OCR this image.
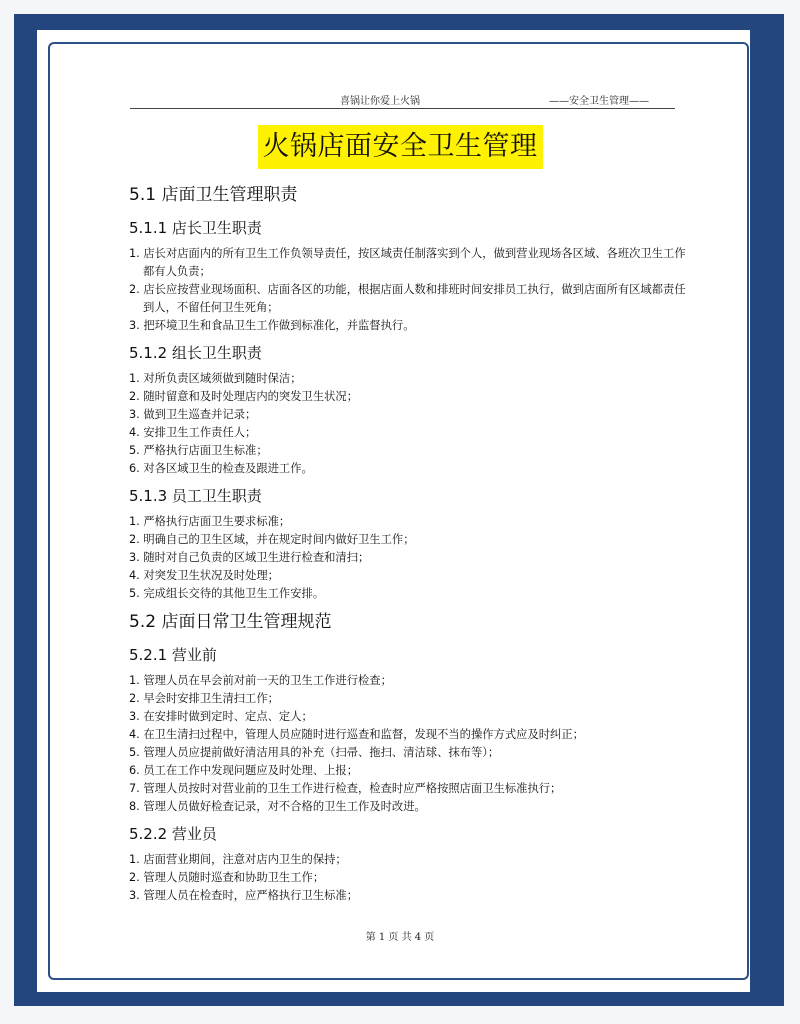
喜锅让你爱上火锅	——安全卫生管理——
火锅店面安全卫生管理
5.1 店面卫生管理职责
5.1.1 店长卫生职责
1. 店长对店面内的所有卫生工作负领导责任，按区域责任制落实到个人，做到营业现场各区域、各班次卫生工作都有人负责；
2. 店长应按营业现场面积、店面各区的功能，根据店面人数和排班时间安排员工执行，做到店面所有区域都责任到人，不留任何卫生死角；
3. 把环境卫生和食品卫生工作做到标准化，并监督执行。
5.1.2 组长卫生职责
1. 对所负责区域须做到随时保洁；
2. 随时留意和及时处理店内的突发卫生状况；
3. 做到卫生巡查并记录；
4. 安排卫生工作责任人；
5. 严格执行店面卫生标准；
6. 对各区域卫生的检查及跟进工作。
5.1.3 员工卫生职责
1. 严格执行店面卫生要求标准；
2. 明确自己的卫生区域，并在规定时间内做好卫生工作；
3. 随时对自己负责的区域卫生进行检查和清扫；
4. 对突发卫生状况及时处理；
5. 完成组长交待的其他卫生工作安排。
5.2 店面日常卫生管理规范
5.2.1 营业前
1. 管理人员在早会前对前一天的卫生工作进行检查；
2. 早会时安排卫生清扫工作；
3. 在安排时做到定时、定点、定人；
4. 在卫生清扫过程中，管理人员应随时进行巡查和监督，发现不当的操作方式应及时纠正；
5. 管理人员应提前做好清洁用具的补充（扫帚、拖扫、清洁球、抹布等）；
6. 员工在工作中发现问题应及时处理、上报；
7. 管理人员按时对营业前的卫生工作进行检查，检查时应严格按照店面卫生标准执行；
8. 管理人员做好检查记录，对不合格的卫生工作及时改进。
5.2.2 营业员
1. 店面营业期间，注意对店内卫生的保持；
2. 管理人员随时巡查和协助卫生工作；
3. 管理人员在检查时，应严格执行卫生标准；
第 1 页 共 4 页
